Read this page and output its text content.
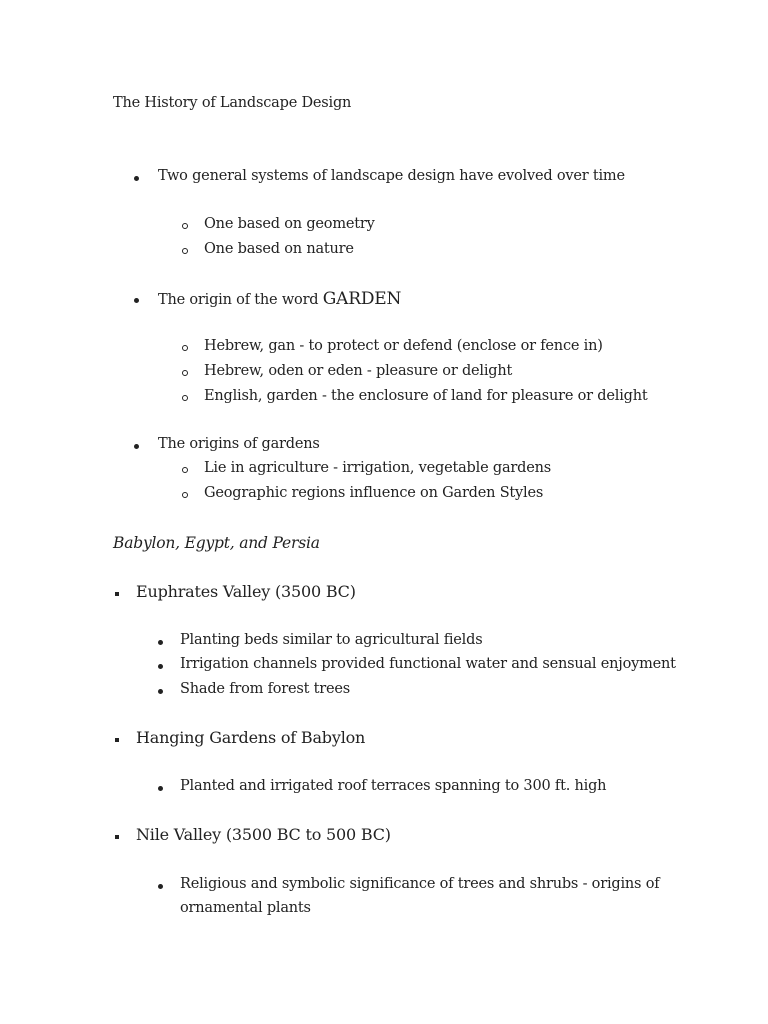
The History of Landscape Design
Two general systems of landscape design have evolved over time
One based on geometry
One based on nature
The origin of the word GARDEN
Hebrew, gan - to protect or defend (enclose or fence in)
Hebrew, oden or eden - pleasure or delight
English, garden - the enclosure of land for pleasure or delight
The origins of gardens
Lie in agriculture - irrigation, vegetable gardens
Geographic regions influence on Garden Styles
Babylon, Egypt, and Persia
Euphrates Valley (3500 BC)
Planting beds similar to agricultural fields
Irrigation channels provided functional water and sensual enjoyment
Shade from forest trees
Hanging Gardens of Babylon
Planted and irrigated roof terraces spanning to 300 ft. high
Nile Valley (3500 BC to 500 BC)
Religious and symbolic significance of trees and shrubs - origins of
ornamental plants
